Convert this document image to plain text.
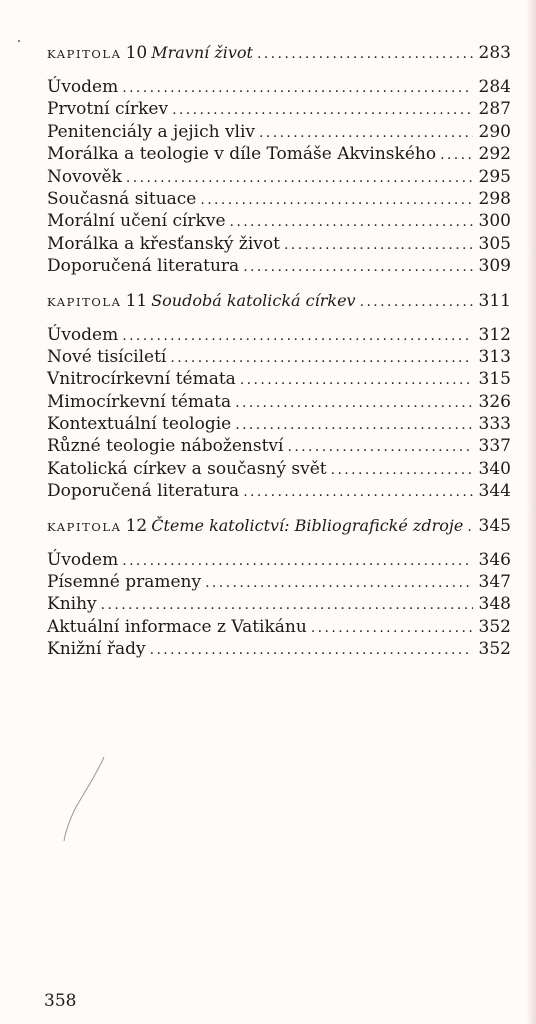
KAPITOLA 10 Mravní život .....	283
Úvodem .....	284
Prvotní církev .....	287
Penitenciály a jejich vliv .....	290
Morálka a teologie v díle Tomáše Akvinského .....	292
Novověk .....	295
Současná situace .....	298
Morální učení církve .....	300
Morálka a křesťanský život .....	305
Doporučená literatura .....	309
KAPITOLA 11 Soudobá katolická církev .....	311
Úvodem .....	312
Nové tisíciletí .....	313
Vnitrocírkevní témata .....	315
Mimocírkevní témata .....	326
Kontextuální teologie .....	333
Různé teologie náboženství .....	337
Katolická církev a současný svět .....	340
Doporučená literatura .....	344
KAPITOLA 12 Čteme katolictví: Bibliografické zdroje ..... 345
Úvodem .....	346
Písemné prameny .....	347
Knihy .....	348
Aktuální informace z Vatikánu .....	352
Knižní řady .....	352
358
